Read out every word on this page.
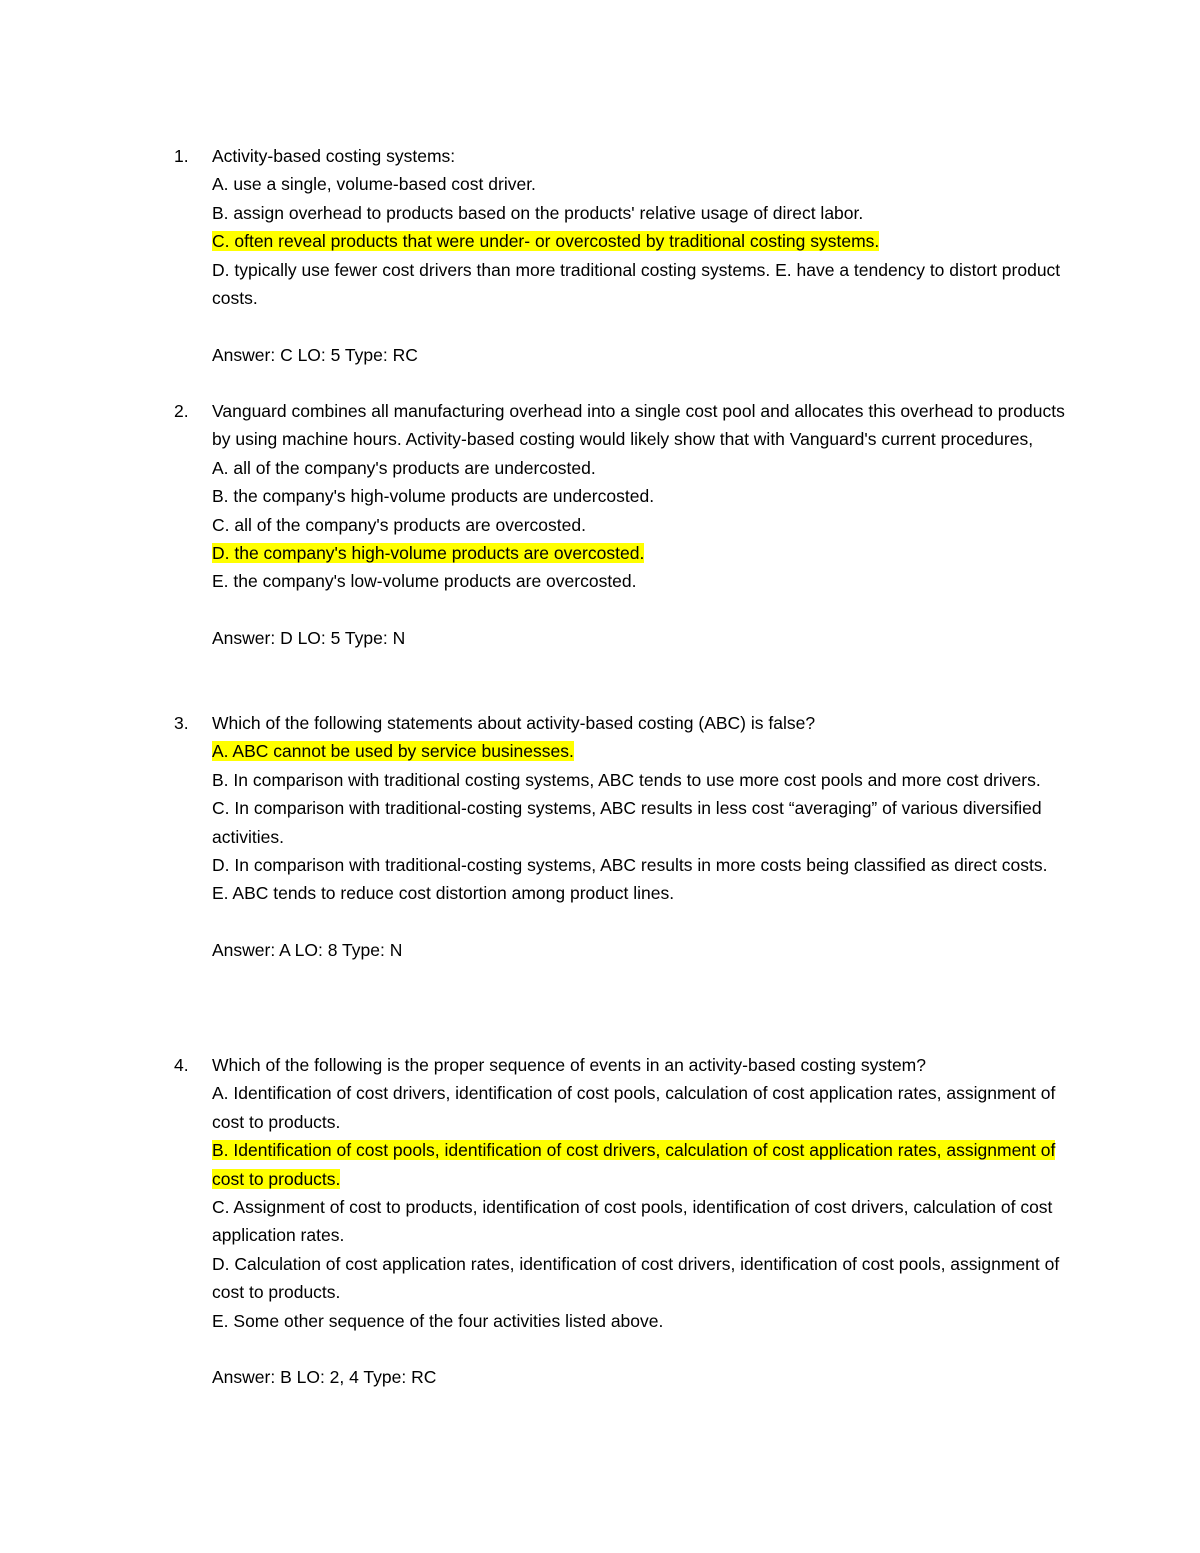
1.	Activity-based costing systems:
A. use a single, volume-based cost driver.
B. assign overhead to products based on the products' relative usage of direct labor.
C. often reveal products that were under- or overcosted by traditional costing systems.
D. typically use fewer cost drivers than more traditional costing systems. E. have a tendency to distort product costs.
Answer: C LO: 5 Type: RC
2.	Vanguard combines all manufacturing overhead into a single cost pool and allocates this overhead to products by using machine hours. Activity-based costing would likely show that with Vanguard's current procedures,
A. all of the company's products are undercosted.
B. the company's high-volume products are undercosted.
C. all of the company's products are overcosted.
D. the company's high-volume products are overcosted.
E. the company's low-volume products are overcosted.
Answer: D LO: 5 Type: N
3.	Which of the following statements about activity-based costing (ABC) is false?
A. ABC cannot be used by service businesses.
B. In comparison with traditional costing systems, ABC tends to use more cost pools and more cost drivers.
C. In comparison with traditional-costing systems, ABC results in less cost “averaging” of various diversified activities.
D. In comparison with traditional-costing systems, ABC results in more costs being classified as direct costs.
E. ABC tends to reduce cost distortion among product lines.
Answer: A LO: 8 Type: N
4.	Which of the following is the proper sequence of events in an activity-based costing system?
A. Identification of cost drivers, identification of cost pools, calculation of cost application rates, assignment of cost to products.
B. Identification of cost pools, identification of cost drivers, calculation of cost application rates, assignment of cost to products.
C. Assignment of cost to products, identification of cost pools, identification of cost drivers, calculation of cost application rates.
D. Calculation of cost application rates, identification of cost drivers, identification of cost pools, assignment of cost to products.
E. Some other sequence of the four activities listed above.
Answer: B LO: 2, 4 Type: RC
